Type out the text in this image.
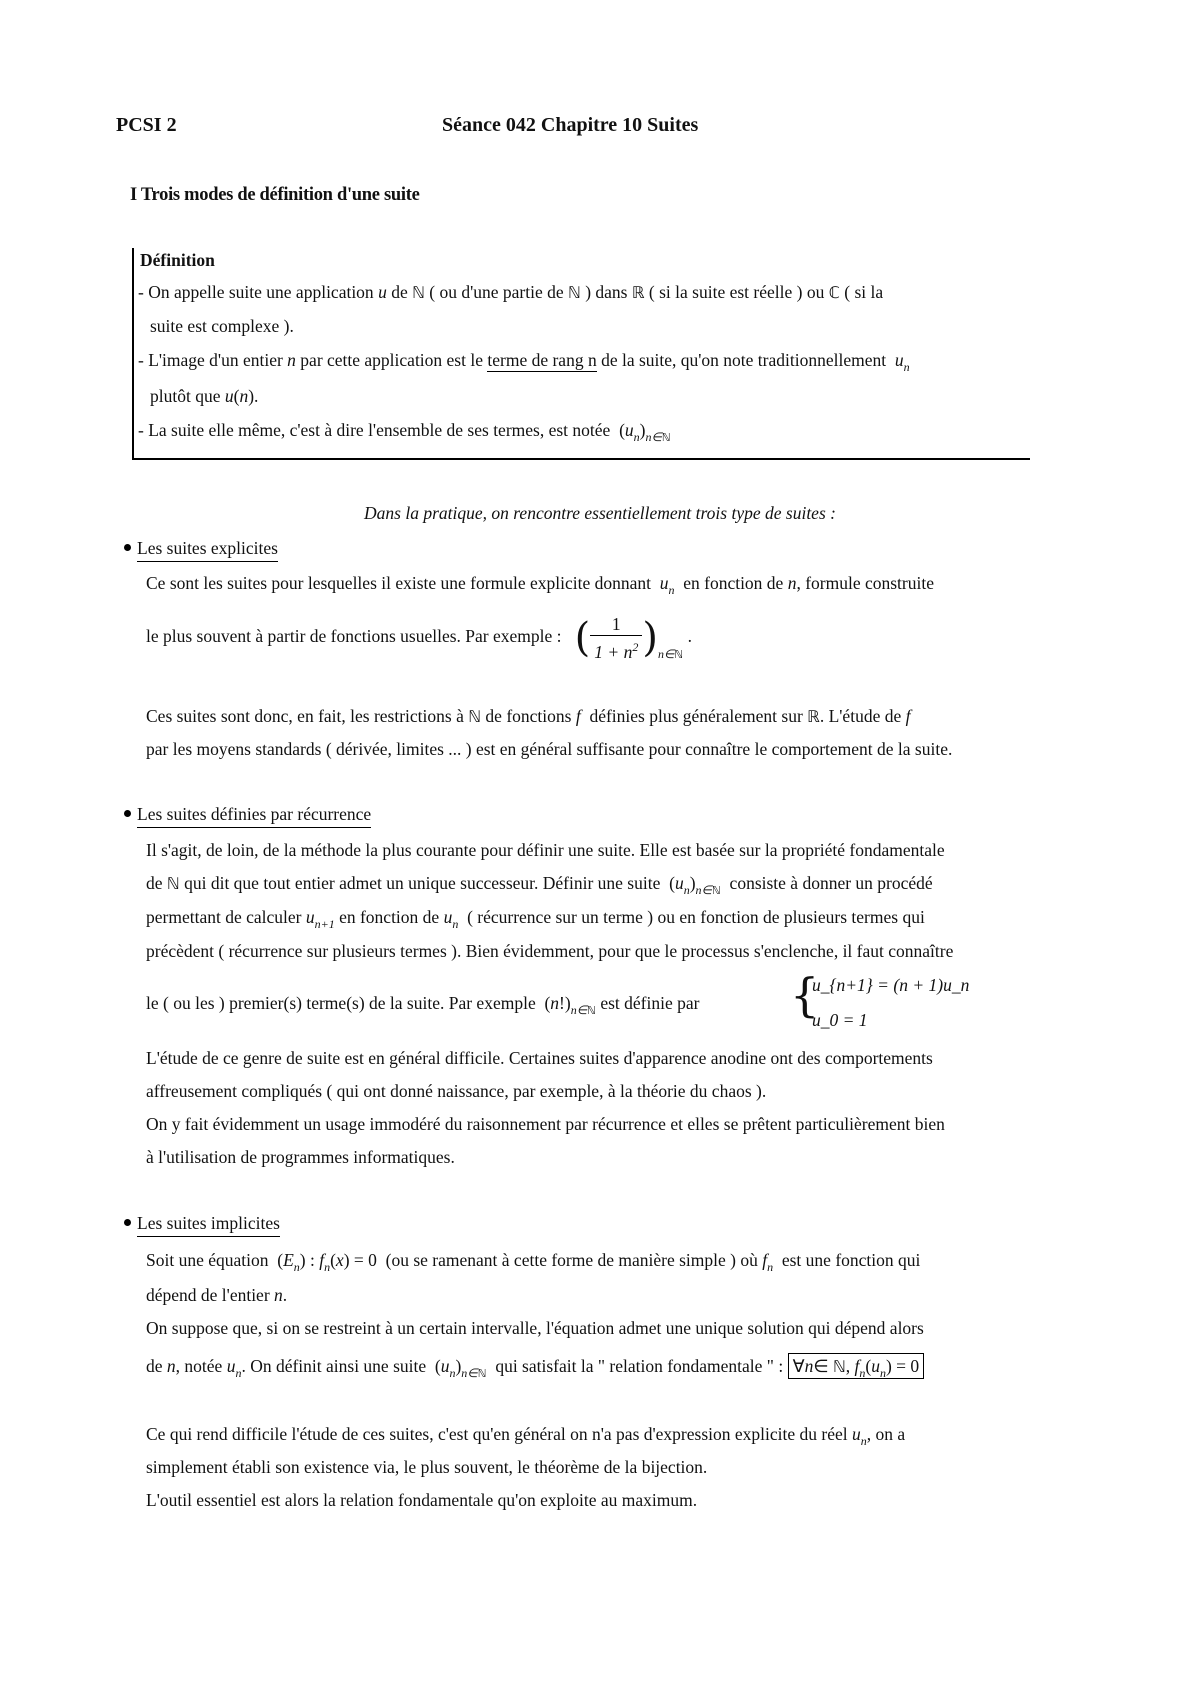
PCSI 2	Séance 042 Chapitre 10 Suites
I Trois modes de définition d'une suite
Définition
- On appelle suite une application u de ℕ ( ou d'une partie de ℕ ) dans ℝ ( si la suite est réelle ) ou ℂ ( si la
suite est complexe ).
- L'image d'un entier n par cette application est le terme de rang n de la suite, qu'on note traditionnellement $u_n$
plutôt que u(n).
- La suite elle même, c'est à dire l'ensemble de ses termes, est notée  $(u_n)_{n\in ℕ}$
Dans la pratique, on rencontre essentiellement trois type de suites :
Les suites explicites
Ce sont les suites pour lesquelles il existe une formule explicite donnant $u_n$ en fonction de n, formule construite
le plus souvent à partir de fonctions usuelles. Par exemple : ( $\frac{1}{1 + n^2} )_{n\in ℕ}$ .
Ces suites sont donc, en fait, les restrictions à ℕ de fonctions f définies plus généralement sur ℝ. L'étude de f
par les moyens standards ( dérivée, limites ... ) est en général suffisante pour connaître le comportement de la suite.
Les suites définies par récurrence
Il s'agit, de loin, de la méthode la plus courante pour définir une suite. Elle est basée sur la propriété fondamentale
de ℕ qui dit que tout entier admet un unique successeur. Définir une suite  $(u_n)_{n\in ℕ}$ consiste à donner un procédé
permettant de calculer $u_{n+1}$ en fonction de $u_n$ ( récurrence sur un terme ) ou en fonction de plusieurs termes qui
précèdent ( récurrence sur plusieurs termes ). Bien évidemment, pour que le processus s'enclenche, il faut connaître
le ( ou les ) premier(s) terme(s) de la suite. Par exemple  $(n!)_{n\in ℕ}$ est définie par {
u_{n+1} = (n + 1)u_n
u_0 = 1
L'étude de ce genre de suite est en général difficile. Certaines suites d'apparence anodine ont des comportements
affreusement compliqués ( qui ont donné naissance, par exemple, à la théorie du chaos ).
On y fait évidemment un usage immodéré du raisonnement par récurrence et elles se prêtent particulièrement bien
à l'utilisation de programmes informatiques.
Les suites implicites
Soit une équation  $(E_n)$ : $f_n(x) = 0$  (ou se ramenant à cette forme de manière simple ) où $f_n$ est une fonction qui
dépend de l'entier n.
On suppose que, si on se restreint à un certain intervalle, l'équation admet une unique solution qui dépend alors
de n, notée $u_n$. On définit ainsi une suite  $(u_n)_{n\in ℕ}$ qui satisfait la " relation fondamentale " : ∀n∈ ℕ, $f_n(u_n) = 0$
Ce qui rend difficile l'étude de ces suites, c'est qu'en général on n'a pas d'expression explicite du réel $u_n$, on a
simplement établi son existence via, le plus souvent, le théorème de la bijection.
L'outil essentiel est alors la relation fondamentale qu'on exploite au maximum.
